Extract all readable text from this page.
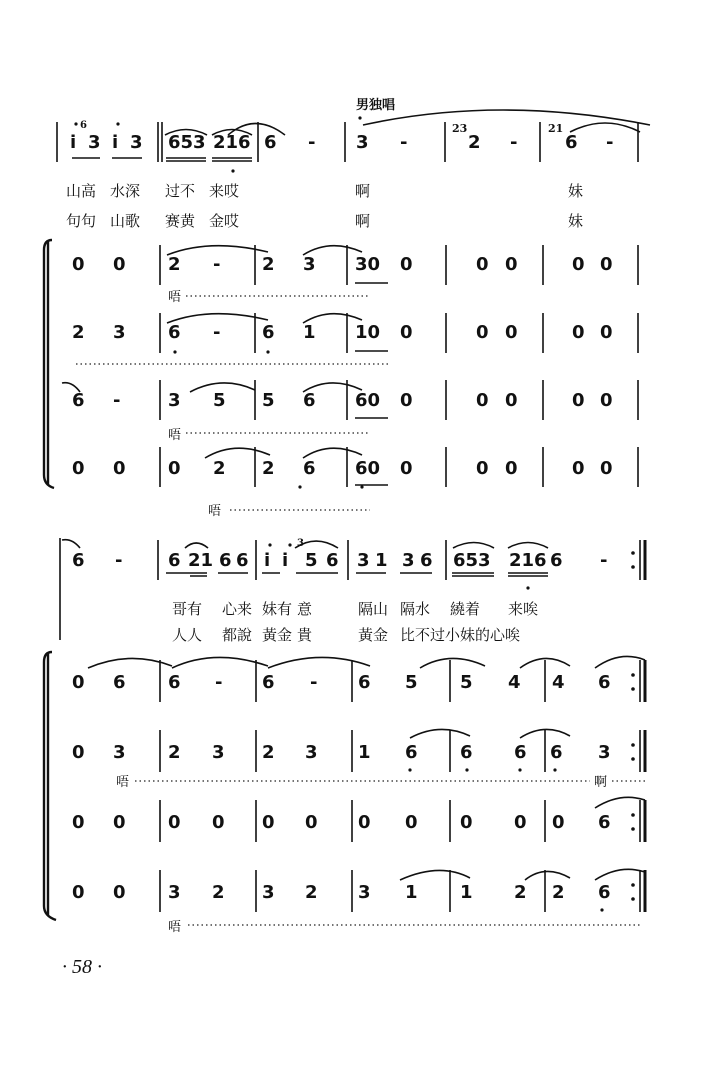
男独唱
i
6
3 i 3 653 216 6 - 3 -
23
2 -
21
6 -
山高 水深 过不 来哎	啊	妹
句句 山歌 赛黄 金哎	啊	妹
0 0 2 - 2 3 30 0	0 0	0 0
唔
2 3 6 - 6 1 10 0	0 0	0 0
6 -	3 5 5 6 60 0	0 0	0 0
唔
0 0 0 2 2 6 60 0	0 0	0 0
唔
6 -	6 21 6 6 i i
3
5 6 3 1 3 6 653 216 6 -
哥有 心来 妹有 意	隔山 隔水 繞着 来唉
人人 都說 黃金 貴	黃金 比不过小妹的心唉
0 6 6 - 6 - 6 5 5 4 4 6
0 3 2 3 2 3 1 6 6 6 6 3
唔	啊
0 0 0 0 0 0 0 0 0 0 0 6
0 0 3 2 3 2 3 1 1 2 2 6
唔
· 58 ·
